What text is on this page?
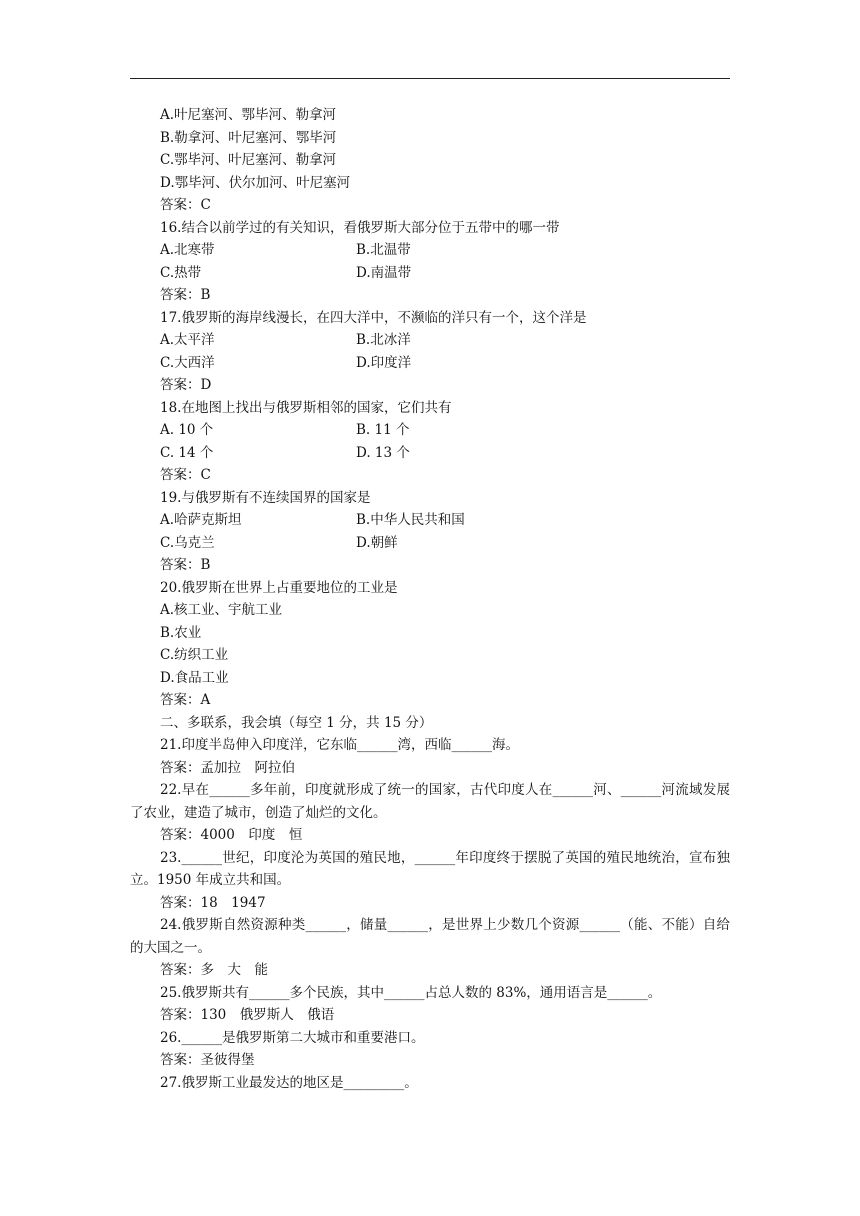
A.叶尼塞河、鄂毕河、勒拿河
B.勒拿河、叶尼塞河、鄂毕河
C.鄂毕河、叶尼塞河、勒拿河
D.鄂毕河、伏尔加河、叶尼塞河
答案：C
16.结合以前学过的有关知识，看俄罗斯大部分位于五带中的哪一带
A.北寒带	B.北温带
C.热带	D.南温带
答案：B
17.俄罗斯的海岸线漫长，在四大洋中，不濒临的洋只有一个，这个洋是
A.太平洋	B.北冰洋
C.大西洋	D.印度洋
答案：D
18.在地图上找出与俄罗斯相邻的国家，它们共有
A. 10 个	B. 11 个
C. 14 个	D. 13 个
答案：C
19.与俄罗斯有不连续国界的国家是
A.哈萨克斯坦	B.中华人民共和国
C.乌克兰	D.朝鲜
答案：B
20.俄罗斯在世界上占重要地位的工业是
A.核工业、宇航工业
B.农业
C.纺织工业
D.食品工业
答案：A
二、多联系，我会填（每空 1 分，共 15 分）
21.印度半岛伸入印度洋，它东临______湾，西临______海。
答案：孟加拉　阿拉伯
22.早在______多年前，印度就形成了统一的国家，古代印度人在______河、______河流域发展了农业，建造了城市，创造了灿烂的文化。
答案：4000　印度　恒
23.______世纪，印度沦为英国的殖民地，______年印度终于摆脱了英国的殖民地统治，宣布独立。1950 年成立共和国。
答案：18　1947
24.俄罗斯自然资源种类______，储量______，是世界上少数几个资源______（能、不能）自给的大国之一。
答案：多　大　能
25.俄罗斯共有______多个民族，其中______占总人数的 83%，通用语言是______。
答案：130　俄罗斯人　俄语
26.______是俄罗斯第二大城市和重要港口。
答案：圣彼得堡
27.俄罗斯工业最发达的地区是_________。
